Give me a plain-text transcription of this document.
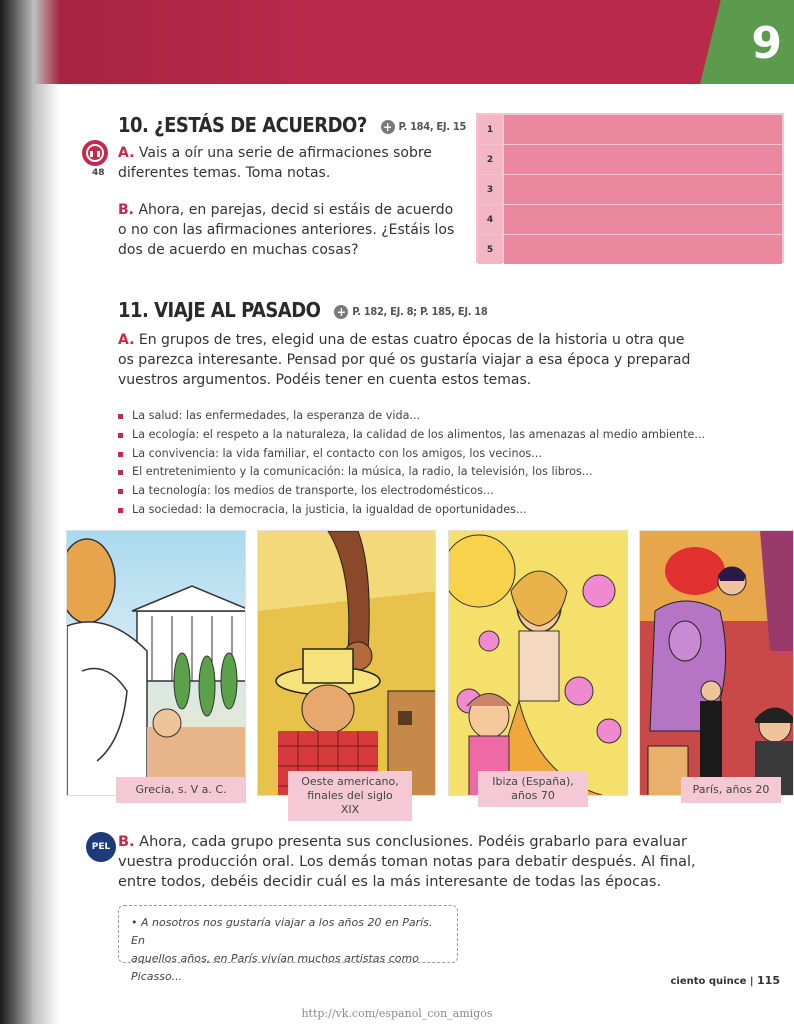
9
10. ¿ESTÁS DE ACUERDO? + P. 184, EJ. 15
48
A. Vais a oír una serie de afirmaciones sobre
diferentes temas. Toma notas.
B. Ahora, en parejas, decid si estáis de acuerdo
o no con las afirmaciones anteriores. ¿Estáis los
dos de acuerdo en muchas cosas?
1
2
3
4
5
11. VIAJE AL PASADO + P. 182, EJ. 8; P. 185, EJ. 18
A. En grupos de tres, elegid una de estas cuatro épocas de la historia u otra que
os parezca interesante. Pensad por qué os gustaría viajar a esa época y preparad
vuestros argumentos. Podéis tener en cuenta estos temas.
La salud: las enfermedades, la esperanza de vida...
La ecología: el respeto a la naturaleza, la calidad de los alimentos, las amenazas al medio ambiente...
La convivencia: la vida familiar, el contacto con los amigos, los vecinos...
El entretenimiento y la comunicación: la música, la radio, la televisión, los libros...
La tecnología: los medios de transporte, los electrodomésticos...
La sociedad: la democracia, la justicia, la igualdad de oportunidades...
Grecia, s. V a. C.
Oeste americano,
finales del siglo XIX
Ibiza (España),
años 70	París, años 20
PEL B. Ahora, cada grupo presenta sus conclusiones. Podéis grabarlo para evaluar
vuestra producción oral. Los demás toman notas para debatir después. Al final,
entre todos, debéis decidir cuál es la más interesante de todas las épocas.
• A nosotros nos gustaría viajar a los años 20 en París. En
aquellos años, en París vivían muchos artistas como Picasso...	ciento quince | 115
http://vk.com/espanol_con_amigos
